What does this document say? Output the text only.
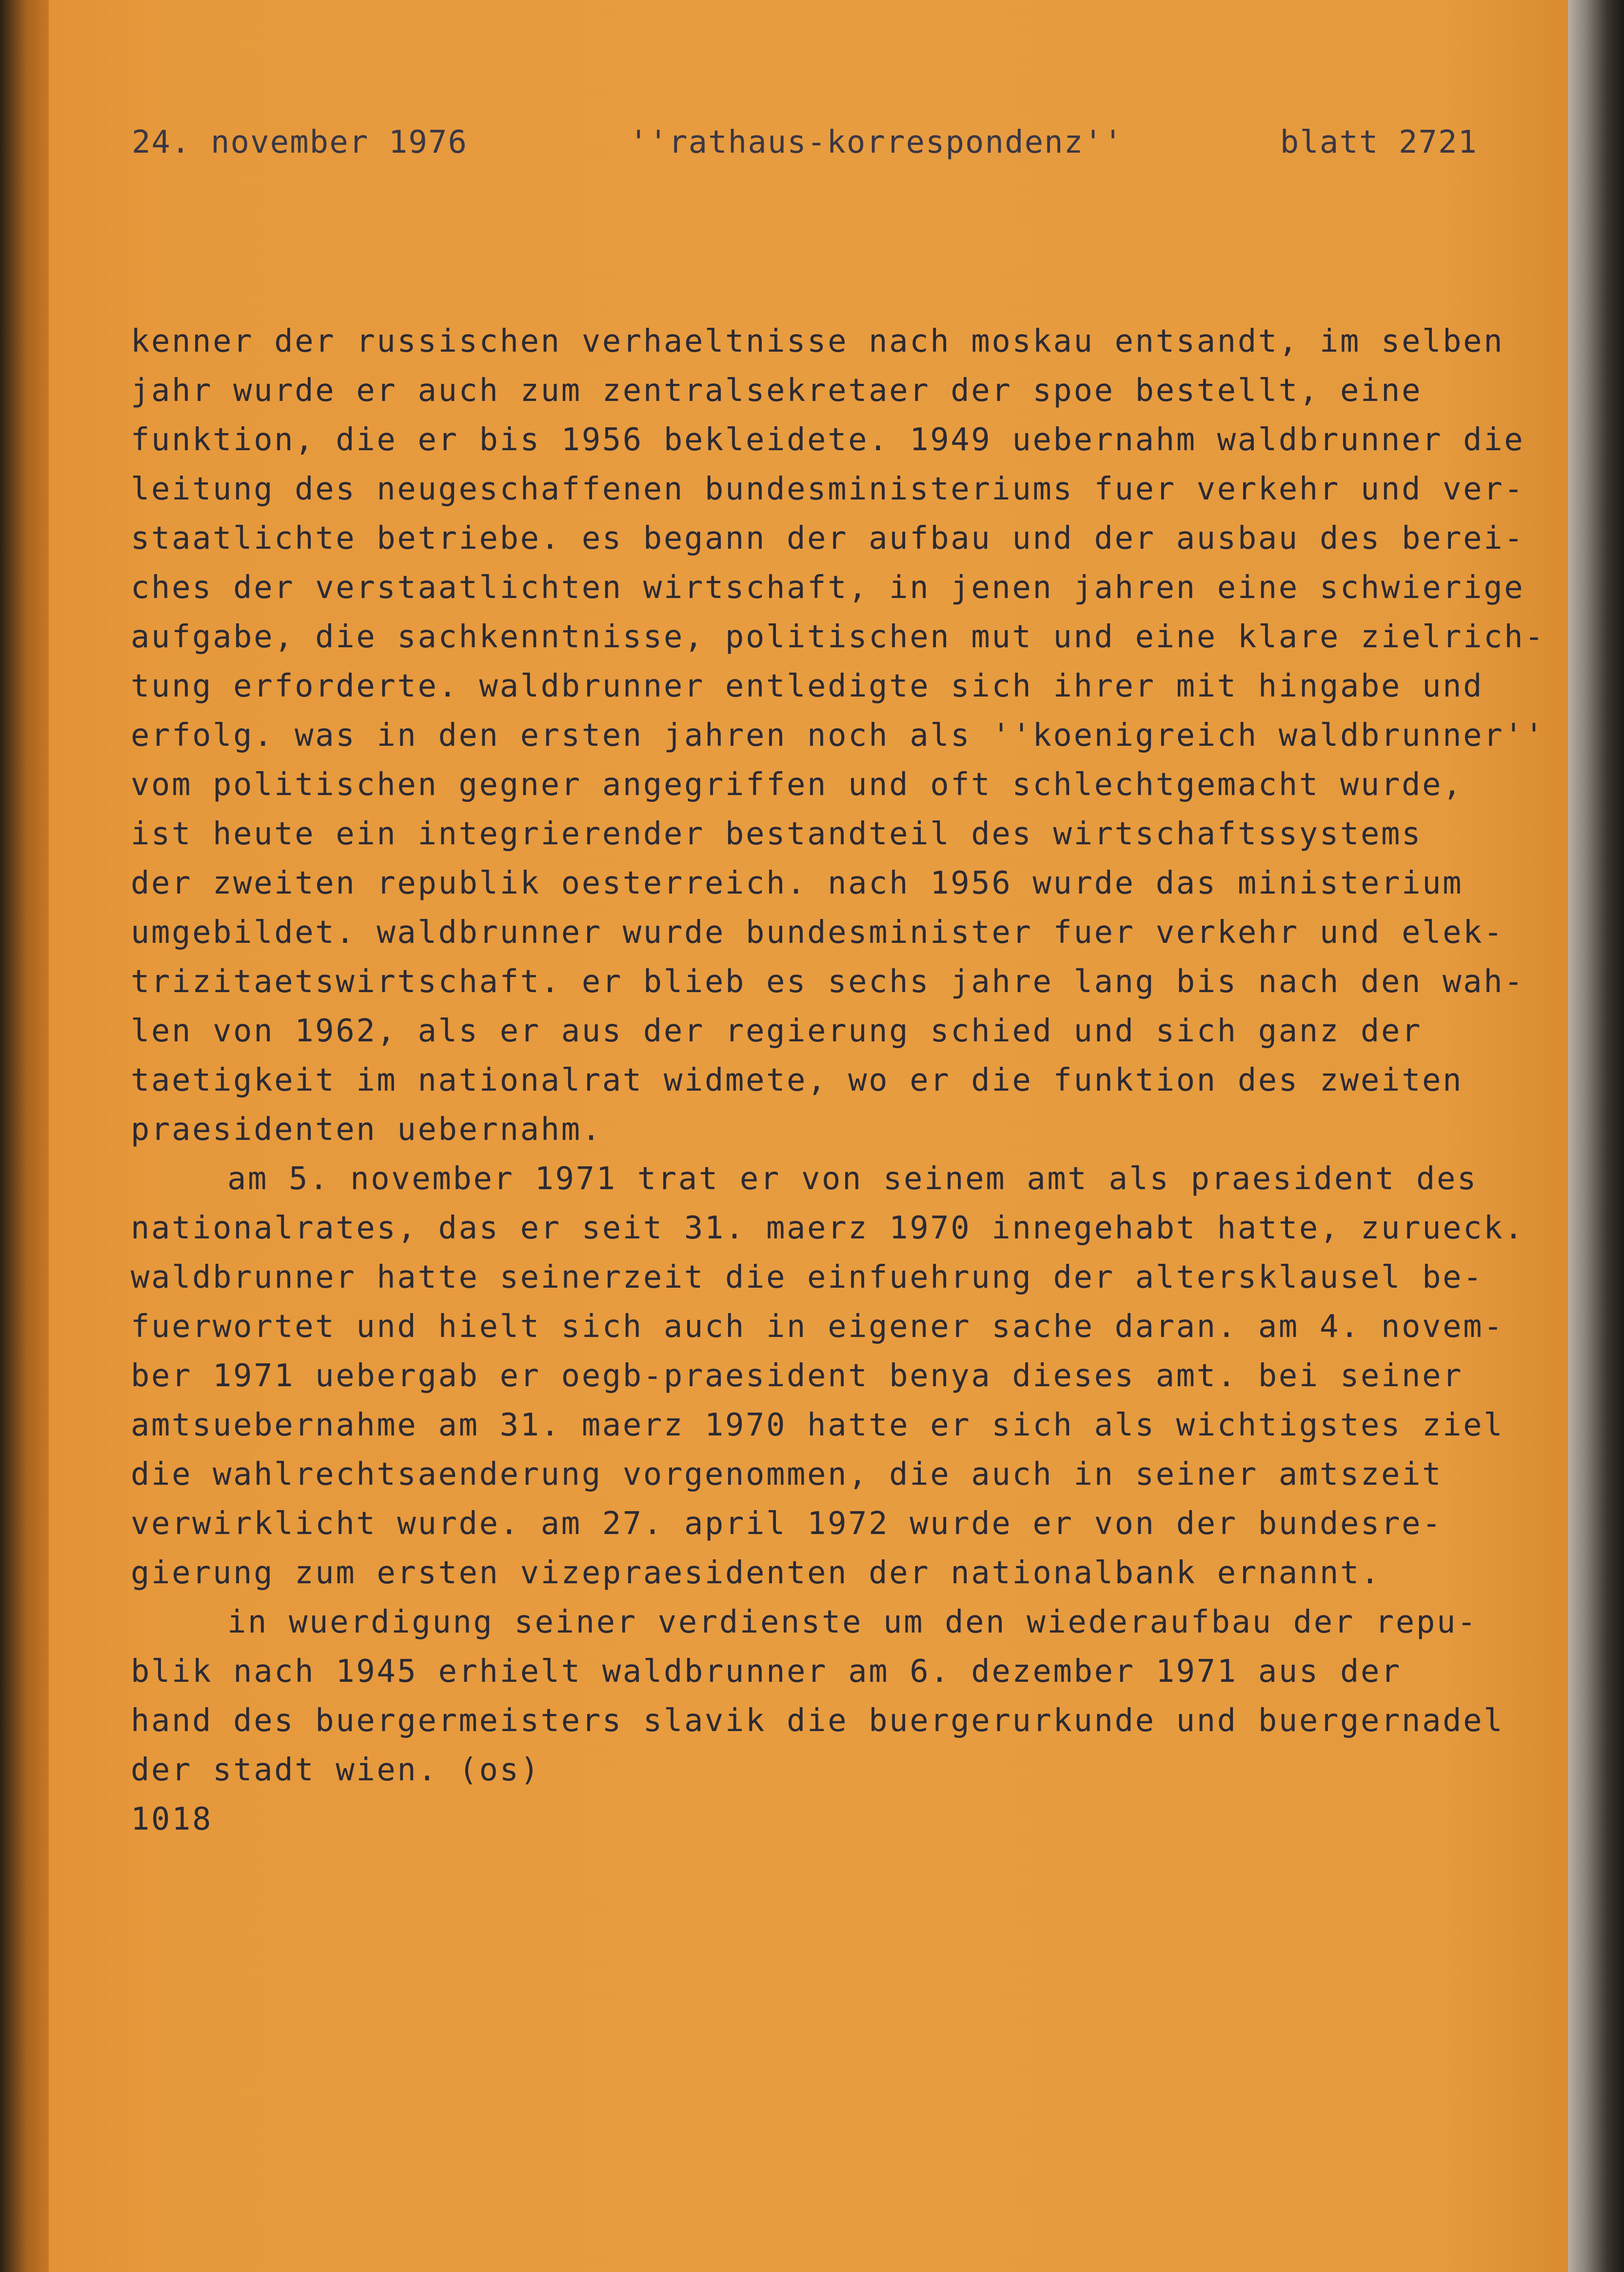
24. november 1976	''rathaus-korrespondenz''	blatt 2721
kenner der russischen verhaeltnisse nach moskau entsandt, im selben
jahr wurde er auch zum zentralsekretaer der spoe bestellt, eine
funktion, die er bis 1956 bekleidete. 1949 uebernahm waldbrunner die
leitung des neugeschaffenen bundesministeriums fuer verkehr und ver-
staatlichte betriebe. es begann der aufbau und der ausbau des berei-
ches der verstaatlichten wirtschaft, in jenen jahren eine schwierige
aufgabe, die sachkenntnisse, politischen mut und eine klare zielrich-
tung erforderte. waldbrunner entledigte sich ihrer mit hingabe und
erfolg. was in den ersten jahren noch als ''koenigreich waldbrunner''
vom politischen gegner angegriffen und oft schlechtgemacht wurde,
ist heute ein integrierender bestandteil des wirtschaftssystems
der zweiten republik oesterreich. nach 1956 wurde das ministerium
umgebildet. waldbrunner wurde bundesminister fuer verkehr und elek-
trizitaetswirtschaft. er blieb es sechs jahre lang bis nach den wah-
len von 1962, als er aus der regierung schied und sich ganz der
taetigkeit im nationalrat widmete, wo er die funktion des zweiten
praesidenten uebernahm.
am 5. november 1971 trat er von seinem amt als praesident des
nationalrates, das er seit 31. maerz 1970 innegehabt hatte, zurueck.
waldbrunner hatte seinerzeit die einfuehrung der altersklausel be-
fuerwortet und hielt sich auch in eigener sache daran. am 4. novem-
ber 1971 uebergab er oegb-praesident benya dieses amt. bei seiner
amtsuebernahme am 31. maerz 1970 hatte er sich als wichtigstes ziel
die wahlrechtsaenderung vorgenommen, die auch in seiner amtszeit
verwirklicht wurde. am 27. april 1972 wurde er von der bundesre-
gierung zum ersten vizepraesidenten der nationalbank ernannt.
in wuerdigung seiner verdienste um den wiederaufbau der repu-
blik nach 1945 erhielt waldbrunner am 6. dezember 1971 aus der
hand des buergermeisters slavik die buergerurkunde und buergernadel
der stadt wien. (os)
1018
